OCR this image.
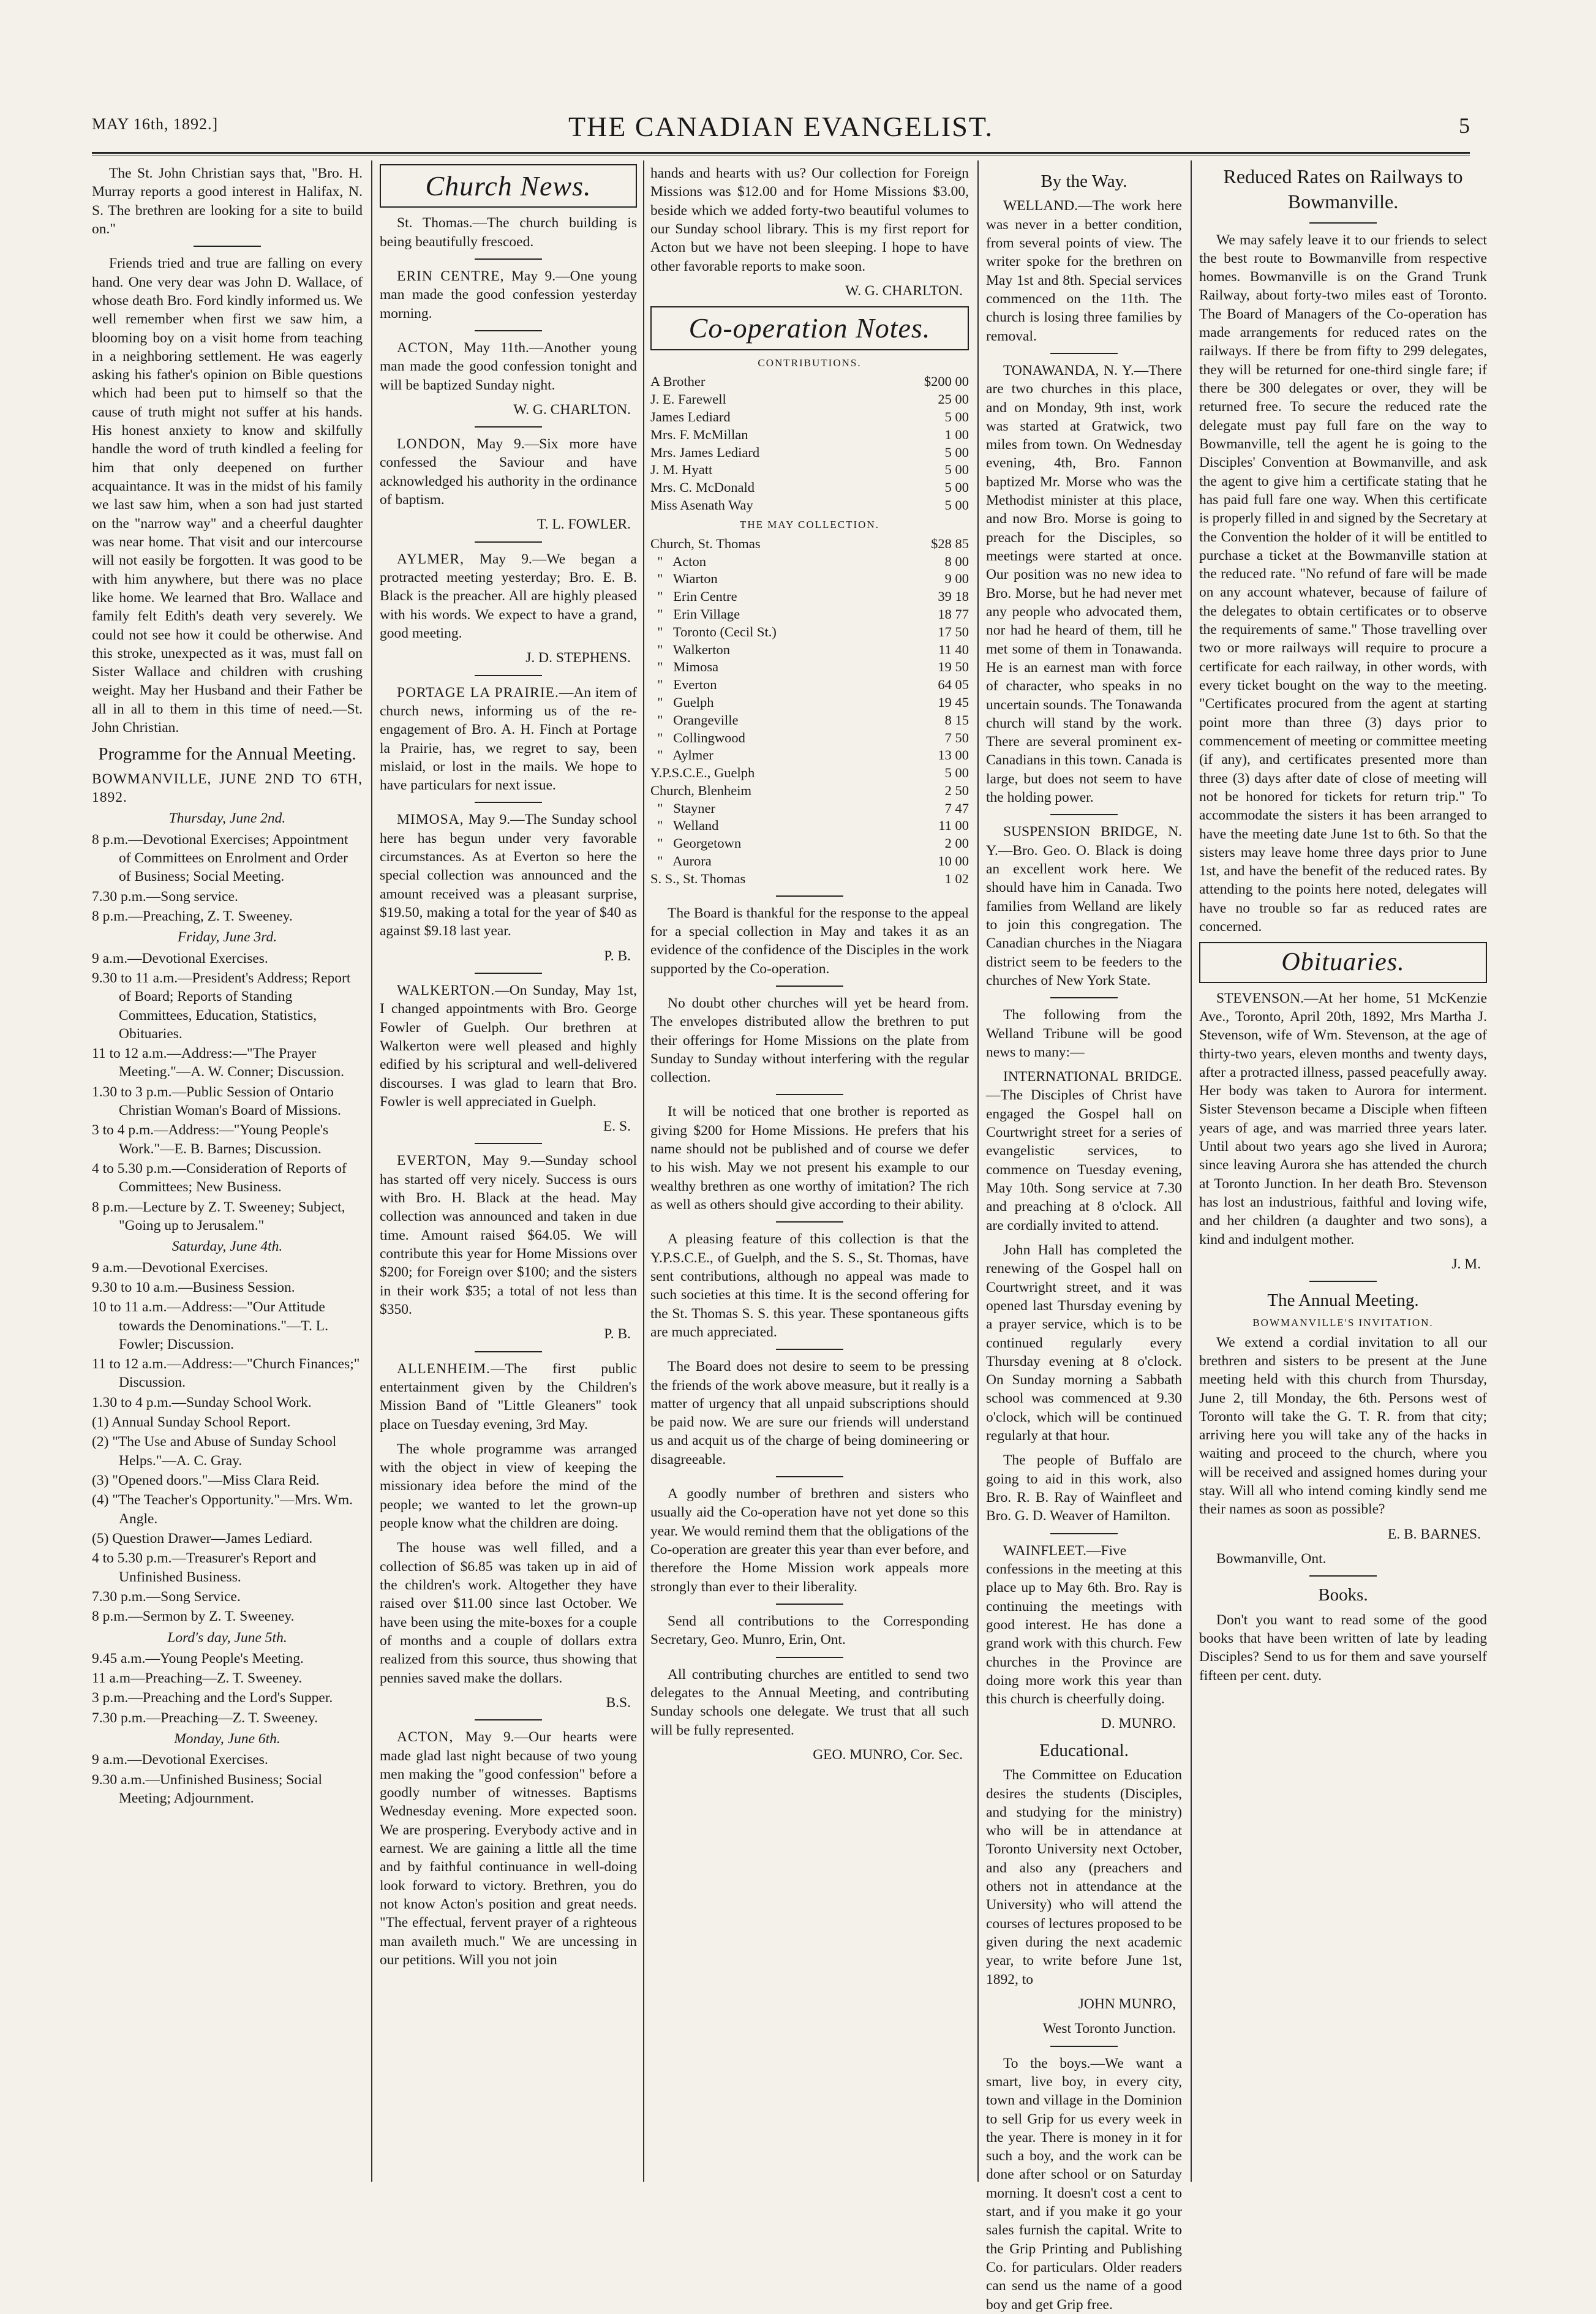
MAY 16th, 1892.]	THE CANADIAN EVANGELIST.	5

The St. John Christian says that, "Bro. H. Murray reports a good interest in Halifax, N. S. The brethren are looking for a site to build on."

Friends tried and true are falling on every hand. One very dear was John D. Wallace, of whose death Bro. Ford kindly informed us. We well remember when first we saw him, a blooming boy on a visit home from teaching in a neighboring settlement. He was eagerly asking his father's opinion on Bible questions which had been put to himself so that the cause of truth might not suffer at his hands. His honest anxiety to know and skilfully handle the word of truth kindled a feeling for him that only deepened on further acquaintance. It was in the midst of his family we last saw him, when a son had just started on the "narrow way" and a cheerful daughter was near home. That visit and our intercourse will not easily be forgotten. It was good to be with him anywhere, but there was no place like home. We learned that Bro. Wallace and family felt Edith's death very severely. We could not see how it could be otherwise. And this stroke, unexpected as it was, must fall on Sister Wallace and children with crushing weight. May her Husband and their Father be all in all to them in this time of need.—St. John Christian.

Programme for the Annual Meeting.
BOWMANVILLE, JUNE 2ND TO 6TH, 1892.
Thursday, June 2nd.
8 p.m.—Devotional Exercises; Appointment of Committees on Enrolment and Order of Business; Social Meeting.
7.30 p.m.—Song service.
8 p.m.—Preaching, Z. T. Sweeney.
Friday, June 3rd.
9 a.m.—Devotional Exercises.
9.30 to 11 a.m.—President's Address; Report of Board; Reports of Standing Committees, Education, Statistics, Obituaries.
11 to 12 a.m.—Address:—"The Prayer Meeting."—A. W. Conner; Discussion.
1.30 to 3 p.m.—Public Session of Ontario Christian Woman's Board of Missions.
3 to 4 p.m.—Address:—"Young People's Work."—E. B. Barnes; Discussion.
4 to 5.30 p.m.—Consideration of Reports of Committees; New Business.
8 p.m.—Lecture by Z. T. Sweeney; Subject, "Going up to Jerusalem."
Saturday, June 4th.
9 a.m.—Devotional Exercises.
9.30 to 10 a.m.—Business Session.
10 to 11 a.m.—Address:—"Our Attitude towards the Denominations."—T. L. Fowler; Discussion.
11 to 12 a.m.—Address:—"Church Finances;" Discussion.
1.30 to 4 p.m.—Sunday School Work.
(1) Annual Sunday School Report.
(2) "The Use and Abuse of Sunday School Helps."—A. C. Gray.
(3) "Opened doors."—Miss Clara Reid.
(4) "The Teacher's Opportunity."—Mrs. Wm. Angle.
(5) Question Drawer—James Lediard.
4 to 5.30 p.m.—Treasurer's Report and Unfinished Business.
7.30 p.m.—Song Service.
8 p.m.—Sermon by Z. T. Sweeney.
Lord's day, June 5th.
9.45 a.m.—Young People's Meeting.
11 a.m—Preaching—Z. T. Sweeney.
3 p.m.—Preaching and the Lord's Supper.
7.30 p.m.—Preaching—Z. T. Sweeney.
Monday, June 6th.
9 a.m.—Devotional Exercises.
9.30 a.m.—Unfinished Business; Social Meeting; Adjournment.
Church News.

St. Thomas.—The church building is being beautifully frescoed.

ERIN CENTRE, May 9.—One young man made the good confession yesterday morning.

ACTON, May 11th.—Another young man made the good confession tonight and will be baptized Sunday night.

W. G. CHARLTON.

LONDON, May 9.—Six more have confessed the Saviour and have acknowledged his authority in the ordinance of baptism.

T. L. FOWLER.

AYLMER, May 9.—We began a protracted meeting yesterday; Bro. E. B. Black is the preacher. All are highly pleased with his words. We expect to have a grand, good meeting.

J. D. STEPHENS.

PORTAGE LA PRAIRIE.—An item of church news, informing us of the re-engagement of Bro. A. H. Finch at Portage la Prairie, has, we regret to say, been mislaid, or lost in the mails. We hope to have particulars for next issue.

MIMOSA, May 9.—The Sunday school here has begun under very favorable circumstances. As at Everton so here the special collection was announced and the amount received was a pleasant surprise, $19.50, making a total for the year of $40 as against $9.18 last year.

P. B.

WALKERTON.—On Sunday, May 1st, I changed appointments with Bro. George Fowler of Guelph. Our brethren at Walkerton were well pleased and highly edified by his scriptural and well-delivered discourses. I was glad to learn that Bro. Fowler is well appreciated in Guelph.

E. S.

EVERTON, May 9.—Sunday school has started off very nicely. Success is ours with Bro. H. Black at the head. May collection was announced and taken in due time. Amount raised $64.05. We will contribute this year for Home Missions over $200; for Foreign over $100; and the sisters in their work $35; a total of not less than $350.

P. B.

ALLENHEIM.—The first public entertainment given by the Children's Mission Band of "Little Gleaners" took place on Tuesday evening, 3rd May.

The whole programme was arranged with the object in view of keeping the missionary idea before the mind of the people; we wanted to let the grown-up people know what the children are doing.

The house was well filled, and a collection of $6.85 was taken up in aid of the children's work. Altogether they have raised over $11.00 since last October. We have been using the mite-boxes for a couple of months and a couple of dollars extra realized from this source, thus showing that pennies saved make the dollars.

B.S.

ACTON, May 9.—Our hearts were made glad last night because of two young men making the "good confession" before a goodly number of witnesses. Baptisms Wednesday evening. More expected soon. We are prospering. Everybody active and in earnest. We are gaining a little all the time and by faithful continuance in well-doing look forward to victory. Brethren, you do not know Acton's position and great needs. "The effectual, fervent prayer of a righteous man availeth much." We are uncessing in our petitions. Will you not join

hands and hearts with us? Our collection for Foreign Missions was $12.00 and for Home Missions $3.00, beside which we added forty-two beautiful volumes to our Sunday school library. This is my first report for Acton but we have not been sleeping. I hope to have other favorable reports to make soon.

W. G. CHARLTON.
Co-operation Notes.
CONTRIBUTIONS.
A Brother	$200 00
J. E. Farewell	25 00
James Lediard	5 00
Mrs. F. McMillan	1 00
Mrs. James Lediard	5 00
J. M. Hyatt	5 00
Mrs. C. McDonald	5 00
Miss Asenath Way	5 00
THE MAY COLLECTION.
Church, St. Thomas	$28 85
"   Acton	8 00
"   Wiarton	9 00
"   Erin Centre	39 18
"   Erin Village	18 77
"   Toronto (Cecil St.)	17 50
"   Walkerton	11 40
"   Mimosa	19 50
"   Everton	64 05
"   Guelph	19 45
"   Orangeville	8 15
"   Collingwood	7 50
"   Aylmer	13 00
Y.P.S.C.E., Guelph	5 00
Church, Blenheim	2 50
"   Stayner	7 47
"   Welland	11 00
"   Georgetown	2 00
"   Aurora	10 00
S. S., St. Thomas	1 02

The Board is thankful for the response to the appeal for a special collection in May and takes it as an evidence of the confidence of the Disciples in the work supported by the Co-operation.

No doubt other churches will yet be heard from. The envelopes distributed allow the brethren to put their offerings for Home Missions on the plate from Sunday to Sunday without interfering with the regular collection.

It will be noticed that one brother is reported as giving $200 for Home Missions. He prefers that his name should not be published and of course we defer to his wish. May we not present his example to our wealthy brethren as one worthy of imitation? The rich as well as others should give according to their ability.

A pleasing feature of this collection is that the Y.P.S.C.E., of Guelph, and the S. S., St. Thomas, have sent contributions, although no appeal was made to such societies at this time. It is the second offering for the St. Thomas S. S. this year. These spontaneous gifts are much appreciated.

The Board does not desire to seem to be pressing the friends of the work above measure, but it really is a matter of urgency that all unpaid subscriptions should be paid now. We are sure our friends will understand us and acquit us of the charge of being domineering or disagreeable.

A goodly number of brethren and sisters who usually aid the Co-operation have not yet done so this year. We would remind them that the obligations of the Co-operation are greater this year than ever before, and therefore the Home Mission work appeals more strongly than ever to their liberality.

Send all contributions to the Corresponding Secretary, Geo. Munro, Erin, Ont.

All contributing churches are entitled to send two delegates to the Annual Meeting, and contributing Sunday schools one delegate. We trust that all such will be fully represented.

GEO. MUNRO, Cor. Sec.
By the Way.

WELLAND.—The work here was never in a better condition, from several points of view. The writer spoke for the brethren on May 1st and 8th. Special services commenced on the 11th. The church is losing three families by removal.

TONAWANDA, N. Y.—There are two churches in this place, and on Monday, 9th inst, work was started at Gratwick, two miles from town. On Wednesday evening, 4th, Bro. Fannon baptized Mr. Morse who was the Methodist minister at this place, and now Bro. Morse is going to preach for the Disciples, so meetings were started at once. Our position was no new idea to Bro. Morse, but he had never met any people who advocated them, nor had he heard of them, till he met some of them in Tonawanda. He is an earnest man with force of character, who speaks in no uncertain sounds. The Tonawanda church will stand by the work. There are several prominent ex-Canadians in this town. Canada is large, but does not seem to have the holding power.

SUSPENSION BRIDGE, N. Y.—Bro. Geo. O. Black is doing an excellent work here. We should have him in Canada. Two families from Welland are likely to join this congregation. The Canadian churches in the Niagara district seem to be feeders to the churches of New York State.

The following from the Welland Tribune will be good news to many:—

INTERNATIONAL BRIDGE.—The Disciples of Christ have engaged the Gospel hall on Courtwright street for a series of evangelistic services, to commence on Tuesday evening, May 10th. Song service at 7.30 and preaching at 8 o'clock. All are cordially invited to attend.

John Hall has completed the renewing of the Gospel hall on Courtwright street, and it was opened last Thursday evening by a prayer service, which is to be continued regularly every Thursday evening at 8 o'clock. On Sunday morning a Sabbath school was commenced at 9.30 o'clock, which will be continued regularly at that hour.

The people of Buffalo are going to aid in this work, also Bro. R. B. Ray of Wainfleet and Bro. G. D. Weaver of Hamilton.

WAINFLEET.—Five confessions in the meeting at this place up to May 6th. Bro. Ray is continuing the meetings with good interest. He has done a grand work with this church. Few churches in the Province are doing more work this year than this church is cheerfully doing.

D. MUNRO.
Educational.

The Committee on Education desires the students (Disciples, and studying for the ministry) who will be in attendance at Toronto University next October, and also any (preachers and others not in attendance at the University) who will attend the courses of lectures proposed to be given during the next academic year, to write before June 1st, 1892, to

JOHN MUNRO,
West Toronto Junction.

To the boys.—We want a smart, live boy, in every city, town and village in the Dominion to sell Grip for us every week in the year. There is money in it for such a boy, and the work can be done after school or on Saturday morning. It doesn't cost a cent to start, and if you make it go your sales furnish the capital. Write to the Grip Printing and Publishing Co. for particulars. Older readers can send us the name of a good boy and get Grip free.

Reduced Rates on Railways to Bowmanville.

We may safely leave it to our friends to select the best route to Bowmanville from respective homes. Bowmanville is on the Grand Trunk Railway, about forty-two miles east of Toronto. The Board of Managers of the Co-operation has made arrangements for reduced rates on the railways. If there be from fifty to 299 delegates, they will be returned for one-third single fare; if there be 300 delegates or over, they will be returned free. To secure the reduced rate the delegate must pay full fare on the way to Bowmanville, tell the agent he is going to the Disciples' Convention at Bowmanville, and ask the agent to give him a certificate stating that he has paid full fare one way. When this certificate is properly filled in and signed by the Secretary at the Convention the holder of it will be entitled to purchase a ticket at the Bowmanville station at the reduced rate. "No refund of fare will be made on any account whatever, because of failure of the delegates to obtain certificates or to observe the requirements of same." Those travelling over two or more railways will require to procure a certificate for each railway, in other words, with every ticket bought on the way to the meeting. "Certificates procured from the agent at starting point more than three (3) days prior to commencement of meeting or committee meeting (if any), and certificates presented more than three (3) days after date of close of meeting will not be honored for tickets for return trip." To accommodate the sisters it has been arranged to have the meeting date June 1st to 6th. So that the sisters may leave home three days prior to June 1st, and have the benefit of the reduced rates. By attending to the points here noted, delegates will have no trouble so far as reduced rates are concerned.

Obituaries.

STEVENSON.—At her home, 51 McKenzie Ave., Toronto, April 20th, 1892, Mrs Martha J. Stevenson, wife of Wm. Stevenson, at the age of thirty-two years, eleven months and twenty days, after a protracted illness, passed peacefully away. Her body was taken to Aurora for interment. Sister Stevenson became a Disciple when fifteen years of age, and was married three years later. Until about two years ago she lived in Aurora; since leaving Aurora she has attended the church at Toronto Junction. In her death Bro. Stevenson has lost an industrious, faithful and loving wife, and her children (a daughter and two sons), a kind and indulgent mother.

J. M.
The Annual Meeting.
BOWMANVILLE'S INVITATION.

We extend a cordial invitation to all our brethren and sisters to be present at the June meeting held with this church from Thursday, June 2, till Monday, the 6th. Persons west of Toronto will take the G. T. R. from that city; arriving here you will take any of the hacks in waiting and proceed to the church, where you will be received and assigned homes during your stay. Will all who intend coming kindly send me their names as soon as possible?

E. B. BARNES.

Bowmanville, Ont.

Books.

Don't you want to read some of the good books that have been written of late by leading Disciples? Send to us for them and save yourself fifteen per cent. duty.
